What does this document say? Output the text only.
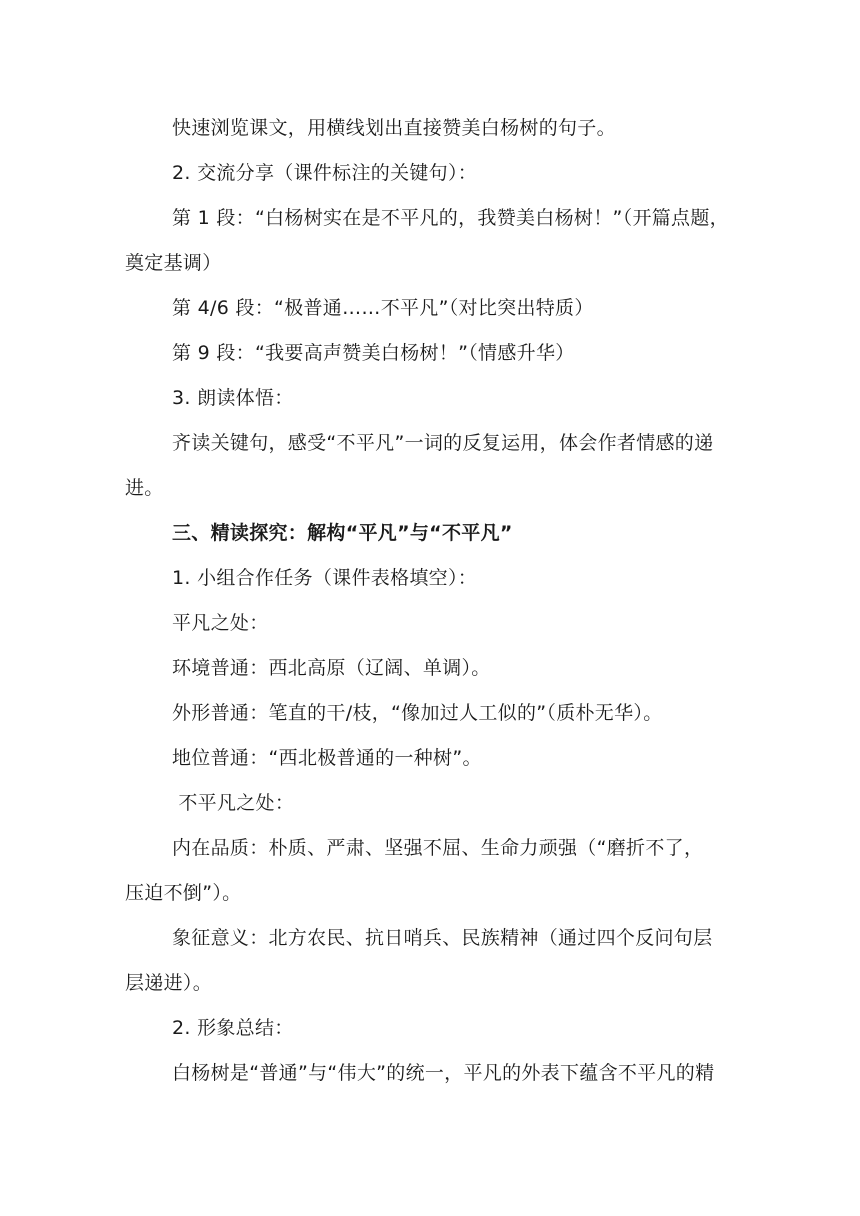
快速浏览课文，用横线划出直接赞美白杨树的句子。
2. 交流分享（课件标注的关键句）：
第 1 段：“白杨树实在是不平凡的，我赞美白杨树！”（开篇点题，
奠定基调）
第 4/6 段：“极普通……不平凡”（对比突出特质）
第 9 段：“我要高声赞美白杨树！”（情感升华）
3. 朗读体悟：
齐读关键句，感受“不平凡”一词的反复运用，体会作者情感的递
进。
三、精读探究：解构“平凡”与“不平凡”
1. 小组合作任务（课件表格填空）：
平凡之处：
环境普通：西北高原（辽阔、单调）。
外形普通：笔直的干/枝，“像加过人工似的”（质朴无华）。
地位普通：“西北极普通的一种树”。
不平凡之处：
内在品质：朴质、严肃、坚强不屈、生命力顽强（“磨折不了，
压迫不倒”）。
象征意义：北方农民、抗日哨兵、民族精神（通过四个反问句层
层递进）。
2. 形象总结：
白杨树是“普通”与“伟大”的统一，平凡的外表下蕴含不平凡的精
